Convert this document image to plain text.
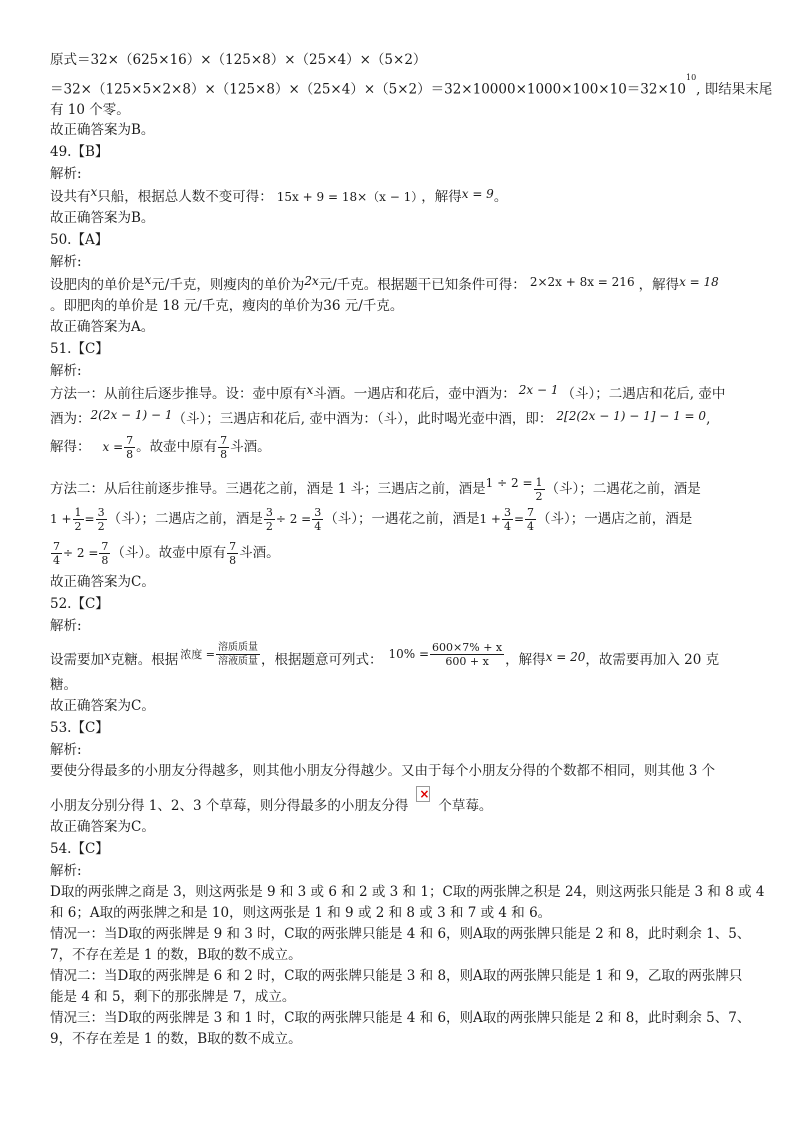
原式＝32×（625×16）×（125×8）×（25×4）×（5×2）
$=32\times(125\times 5\times 2\times 8)\times(125\times 8)\times(25\times 4)\times(5\times 2)=32\times 10000\times 1000\times 100\times 10=32\times 10^{10}$, 即结果末尾
有 10 个零。
故正确答案为B。
49.【B】
解析:
设共有x只船，根据总人数不变可得： 15x + 9 = 18×（x − 1） ，解得x = 9。
故正确答案为B。
50.【A】
解析:
设肥肉的单价是x元/千克，则瘦肉的单价为2x元/千克。根据题干已知条件可得： 2×2x + 8x = 216 ，解得x = 18
。即肥肉的单价是 18 元/千克，瘦肉的单价为36 元/千克。
故正确答案为A。
51.【C】
解析:
方法一：从前往后逐步推导。设：壶中原有x斗酒。一遇店和花后，壶中酒为： 2x − 1 （斗）；二遇店和花后, 壶中
酒为：2(2x − 1) − 1（斗）；三遇店和花后, 壶中酒为：（斗），此时喝光壶中酒，即： 2[2(2x − 1) − 1] − 1 = 0,
解得： $x = \frac{7}{8}$ 。故壶中原有 $\frac{7}{8}$ 斗酒。
方法二：从后往前逐步推导。三遇花之前，酒是 1 斗；三遇店之前，酒是$1 \div 2 = \frac{1}{2}$ （斗）；二遇花之前，酒是
$1 + \frac{1}{2} = \frac{3}{2}$ （斗）；二遇店之前，酒是 $\frac{3}{2} \div 2 = \frac{3}{4}$ （斗）；一遇花之前，酒是$1 + \frac{3}{4} = \frac{7}{4}$ （斗）；一遇店之前，酒是
$\frac{7}{4} \div 2 = \frac{7}{8}$ （斗）。故壶中原有 $\frac{7}{8}$ 斗酒。
故正确答案为C。
52.【C】
解析:
设需要加x克糖。根据 $^{浓度 =} \frac{\text{溶质质量}}{\text{溶液质量}}$ ，根据题意可列式： $10\% = \frac{600\times 7\% + x}{600 + x}$ ，解得x = 20，故需要再加入 20 克
糖。
故正确答案为C。
53.【C】
解析:
要使分得最多的小朋友分得越多，则其他小朋友分得越少。又由于每个小朋友分得的个数都不相同，则其他 3 个
小朋友分别分得 1、2、3 个草莓，则分得最多的小朋友分得× 个草莓。
故正确答案为C。
54.【C】
解析:
D取的两张牌之商是 3，则这两张是 9 和 3 或 6 和 2 或 3 和 1；C取的两张牌之积是 24，则这两张只能是 3 和 8 或 4
和 6；A取的两张牌之和是 10，则这两张是 1 和 9 或 2 和 8 或 3 和 7 或 4 和 6。
情况一：当D取的两张牌是 9 和 3 时，C取的两张牌只能是 4 和 6，则A取的两张牌只能是 2 和 8，此时剩余 1、5、
7，不存在差是 1 的数，B取的数不成立。
情况二：当D取的两张牌是 6 和 2 时，C取的两张牌只能是 3 和 8，则A取的两张牌只能是 1 和 9，乙取的两张牌只
能是 4 和 5，剩下的那张牌是 7，成立。
情况三：当D取的两张牌是 3 和 1 时，C取的两张牌只能是 4 和 6，则A取的两张牌只能是 2 和 8，此时剩余 5、7、
9，不存在差是 1 的数，B取的数不成立。
